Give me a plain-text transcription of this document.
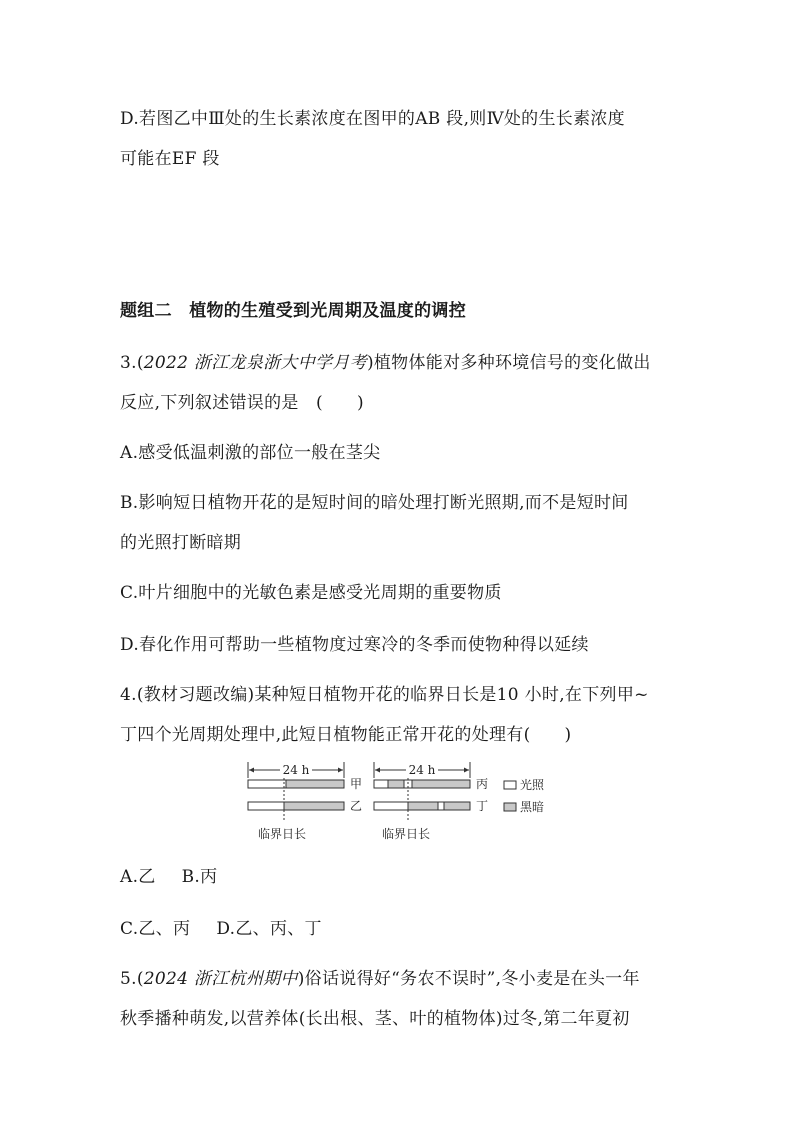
D.若图乙中Ⅲ处的生长素浓度在图甲的AB 段,则Ⅳ处的生长素浓度
可能在EF 段
题组二　植物的生殖受到光周期及温度的调控
3.(2022 浙江龙泉浙大中学月考)植物体能对多种环境信号的变化做出
反应,下列叙述错误的是　( )
A.感受低温刺激的部位一般在茎尖
B.影响短日植物开花的是短时间的暗处理打断光照期,而不是短时间
的光照打断暗期
C.叶片细胞中的光敏色素是感受光周期的重要物质
D.春化作用可帮助一些植物度过寒冷的冬季而使物种得以延续
4.(教材习题改编)某种短日植物开花的临界日长是10 小时,在下列甲~
丁四个光周期处理中,此短日植物能正常开花的处理有( )
24 h
甲
乙
临界日长
24 h
丙
丁
临界日长
光照
黑暗
A.乙 B.丙
C.乙、丙 D.乙、丙、丁
5.(2024 浙江杭州期中)俗话说得好“务农不误时”,冬小麦是在头一年
秋季播种萌发,以营养体(长出根、茎、叶的植物体)过冬,第二年夏初
